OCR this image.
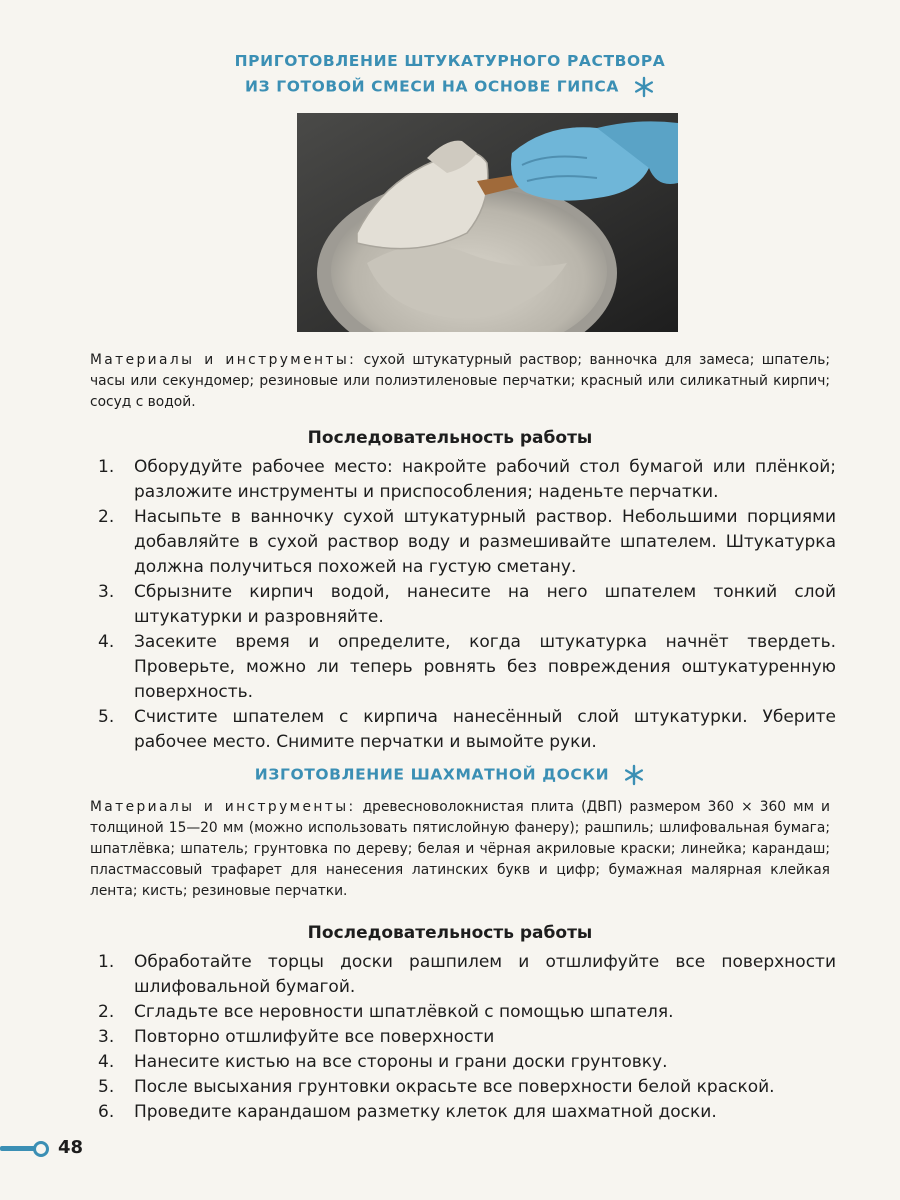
ПРИГОТОВЛЕНИЕ ШТУКАТУРНОГО РАСТВОРА
ИЗ ГОТОВОЙ СМЕСИ НА ОСНОВЕ ГИПСА
Материалы и инструменты: сухой штукатурный раствор; ванночка для замеса; шпатель; часы или секундомер; резиновые или полиэтиленовые перчатки; красный или силикатный кирпич; сосуд с водой.
Последовательность работы
1. Оборудуйте рабочее место: накройте рабочий стол бумагой или плёнкой; разложите инструменты и приспособления; наденьте перчатки.
2. Насыпьте в ванночку сухой штукатурный раствор. Небольшими порциями добавляйте в сухой раствор воду и размешивайте шпателем. Штукатурка должна получиться похожей на густую сметану.
3. Сбрызните кирпич водой, нанесите на него шпателем тонкий слой штукатурки и разровняйте.
4. Засеките время и определите, когда штукатурка начнёт твердеть. Проверьте, можно ли теперь ровнять без повреждения оштукатуренную поверхность.
5. Счистите шпателем с кирпича нанесённый слой штукатурки. Уберите рабочее место. Снимите перчатки и вымойте руки.
ИЗГОТОВЛЕНИЕ ШАХМАТНОЙ ДОСКИ
Материалы и инструменты: древесноволокнистая плита (ДВП) размером 360 × 360 мм и толщиной 15—20 мм (можно использовать пятислойную фанеру); рашпиль; шлифовальная бумага; шпатлёвка; шпатель; грунтовка по дереву; белая и чёрная акриловые краски; линейка; карандаш; пластмассовый трафарет для нанесения латинских букв и цифр; бумажная малярная клейкая лента; кисть; резиновые перчатки.
Последовательность работы
1. Обработайте торцы доски рашпилем и отшлифуйте все поверхности шлифовальной бумагой.
2. Сгладьте все неровности шпатлёвкой с помощью шпателя.
3. Повторно отшлифуйте все поверхности
4. Нанесите кистью на все стороны и грани доски грунтовку.
5. После высыхания грунтовки окрасьте все поверхности белой краской.
6. Проведите карандашом разметку клеток для шахматной доски.
48
